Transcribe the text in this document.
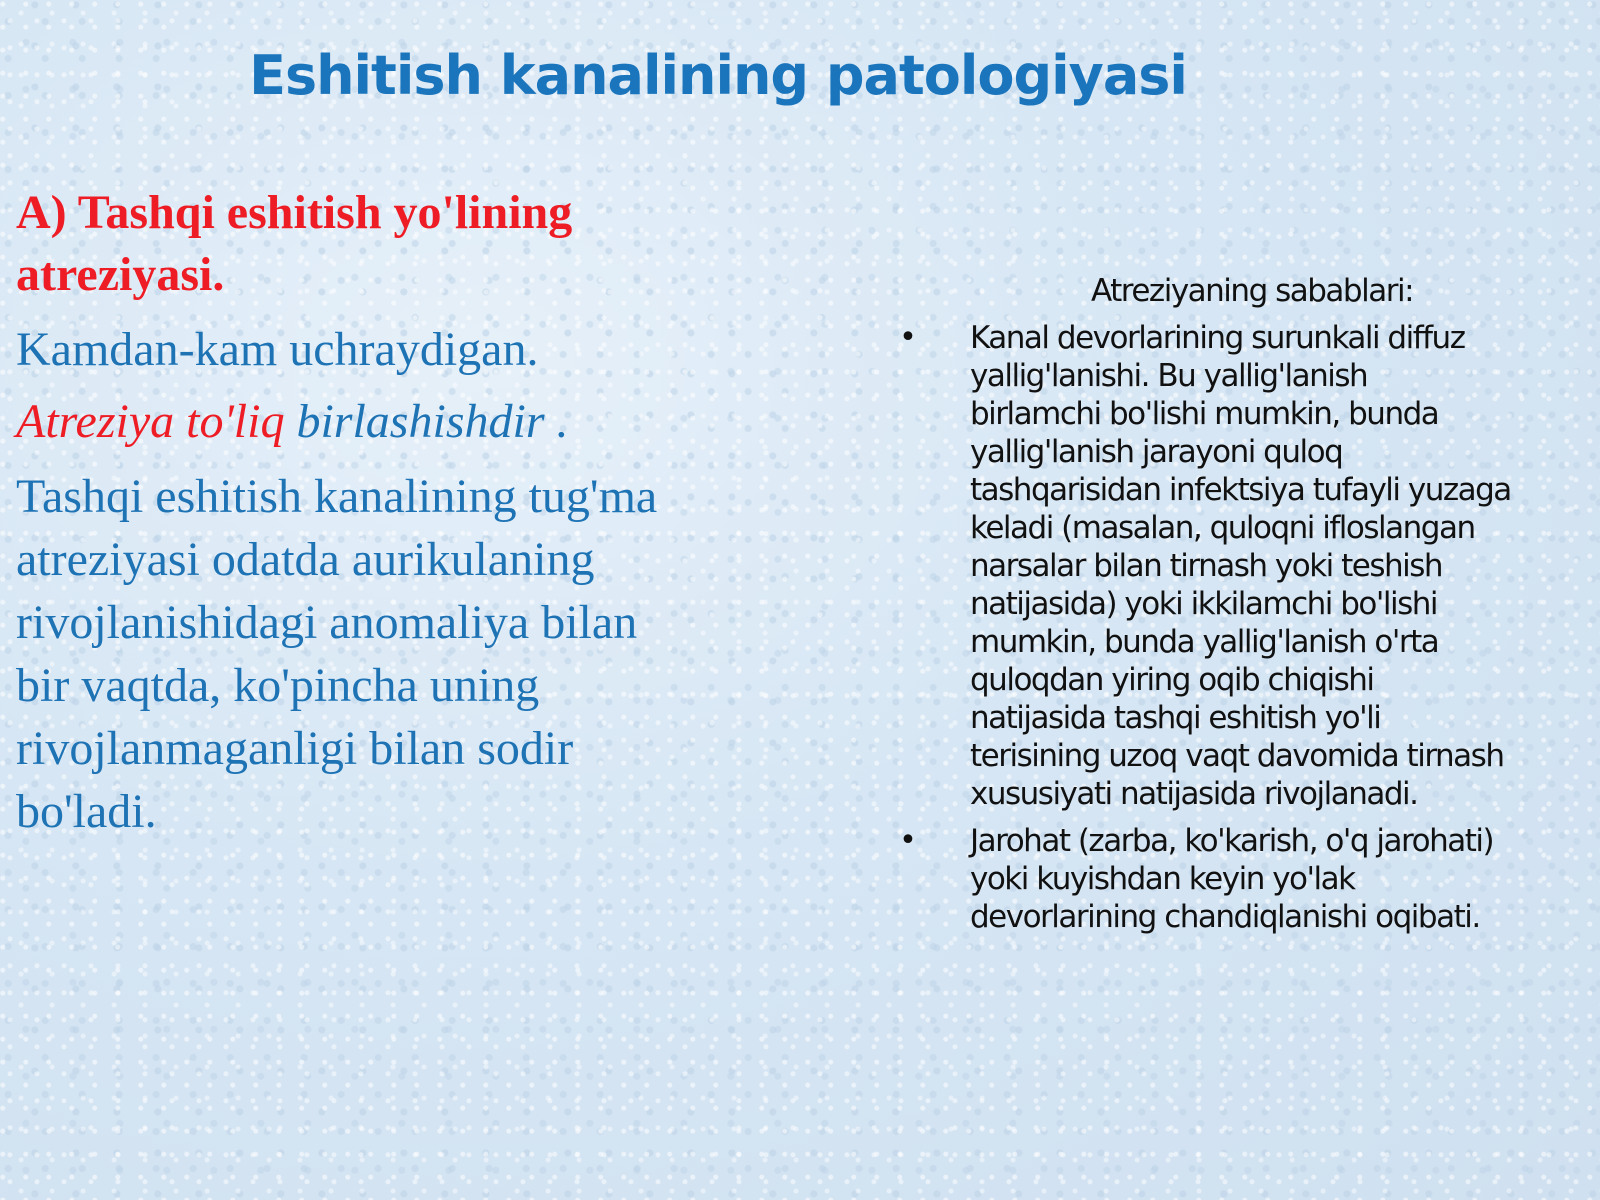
Eshitish kanalining patologiyasi

A) Tashqi eshitish yo'lining
atreziyasi.

Kamdan-kam uchraydigan.

Atreziya to'liq birlashishdir .

Tashqi eshitish kanalining tug'ma
atreziyasi odatda aurikulaning
rivojlanishidagi anomaliya bilan
bir vaqtda, ko'pincha uning
rivojlanmaganligi bilan sodir
bo'ladi.

Atreziyaning sabablari:

• Kanal devorlarining surunkali diffuz
yallig'lanishi. Bu yallig'lanish
birlamchi bo'lishi mumkin, bunda
yallig'lanish jarayoni quloq
tashqarisidan infektsiya tufayli yuzaga
keladi (masalan, quloqni ifloslangan
narsalar bilan tirnash yoki teshish
natijasida) yoki ikkilamchi bo'lishi
mumkin, bunda yallig'lanish o'rta
quloqdan yiring oqib chiqishi
natijasida tashqi eshitish yo'li
terisining uzoq vaqt davomida tirnash
xususiyati natijasida rivojlanadi.
• Jarohat (zarba, ko'karish, o'q jarohati)
yoki kuyishdan keyin yo'lak
devorlarining chandiqlanishi oqibati.
